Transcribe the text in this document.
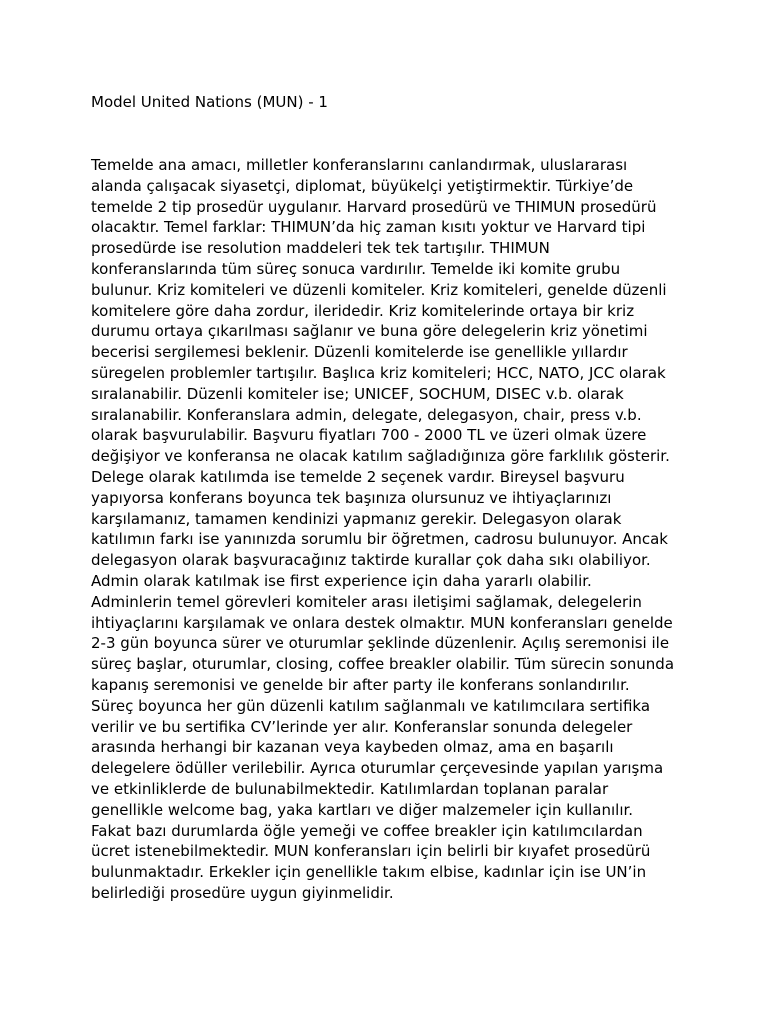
Model United Nations (MUN) - 1
Temelde ana amacı, milletler konferanslarını canlandırmak, uluslararası
alanda çalışacak siyasetçi, diplomat, büyükelçi yetiştirmektir. Türkiye’de
temelde 2 tip prosedür uygulanır. Harvard prosedürü ve THIMUN prosedürü
olacaktır. Temel farklar: THIMUN’da hiç zaman kısıtı yoktur ve Harvard tipi
prosedürde ise resolution maddeleri tek tek tartışılır. THIMUN
konferanslarında tüm süreç sonuca vardırılır. Temelde iki komite grubu
bulunur. Kriz komiteleri ve düzenli komiteler. Kriz komiteleri, genelde düzenli
komitelere göre daha zordur, ileridedir. Kriz komitelerinde ortaya bir kriz
durumu ortaya çıkarılması sağlanır ve buna göre delegelerin kriz yönetimi
becerisi sergilemesi beklenir. Düzenli komitelerde ise genellikle yıllardır
süregelen problemler tartışılır. Başlıca kriz komiteleri; HCC, NATO, JCC olarak
sıralanabilir. Düzenli komiteler ise; UNICEF, SOCHUM, DISEC v.b. olarak
sıralanabilir. Konferanslara admin, delegate, delegasyon, chair, press v.b.
olarak başvurulabilir. Başvuru fiyatları 700 - 2000 TL ve üzeri olmak üzere
değişiyor ve konferansa ne olacak katılım sağladığınıza göre farklılık gösterir.
Delege olarak katılımda ise temelde 2 seçenek vardır. Bireysel başvuru
yapıyorsa konferans boyunca tek başınıza olursunuz ve ihtiyaçlarınızı
karşılamanız, tamamen kendinizi yapmanız gerekir. Delegasyon olarak
katılımın farkı ise yanınızda sorumlu bir öğretmen, cadrosu bulunuyor. Ancak
delegasyon olarak başvuracağınız taktirde kurallar çok daha sıkı olabiliyor.
Admin olarak katılmak ise first experience için daha yararlı olabilir.
Adminlerin temel görevleri komiteler arası iletişimi sağlamak, delegelerin
ihtiyaçlarını karşılamak ve onlara destek olmaktır. MUN konferansları genelde
2-3 gün boyunca sürer ve oturumlar şeklinde düzenlenir. Açılış seremonisi ile
süreç başlar, oturumlar, closing, coffee breakler olabilir. Tüm sürecin sonunda
kapanış seremonisi ve genelde bir after party ile konferans sonlandırılır.
Süreç boyunca her gün düzenli katılım sağlanmalı ve katılımcılara sertifika
verilir ve bu sertifika CV’lerinde yer alır. Konferanslar sonunda delegeler
arasında herhangi bir kazanan veya kaybeden olmaz, ama en başarılı
delegelere ödüller verilebilir. Ayrıca oturumlar çerçevesinde yapılan yarışma
ve etkinliklerde de bulunabilmektedir. Katılımlardan toplanan paralar
genellikle welcome bag, yaka kartları ve diğer malzemeler için kullanılır.
Fakat bazı durumlarda öğle yemeği ve coffee breakler için katılımcılardan
ücret istenebilmektedir. MUN konferansları için belirli bir kıyafet prosedürü
bulunmaktadır. Erkekler için genellikle takım elbise, kadınlar için ise UN’in
belirlediği prosedüre uygun giyinmelidir.
